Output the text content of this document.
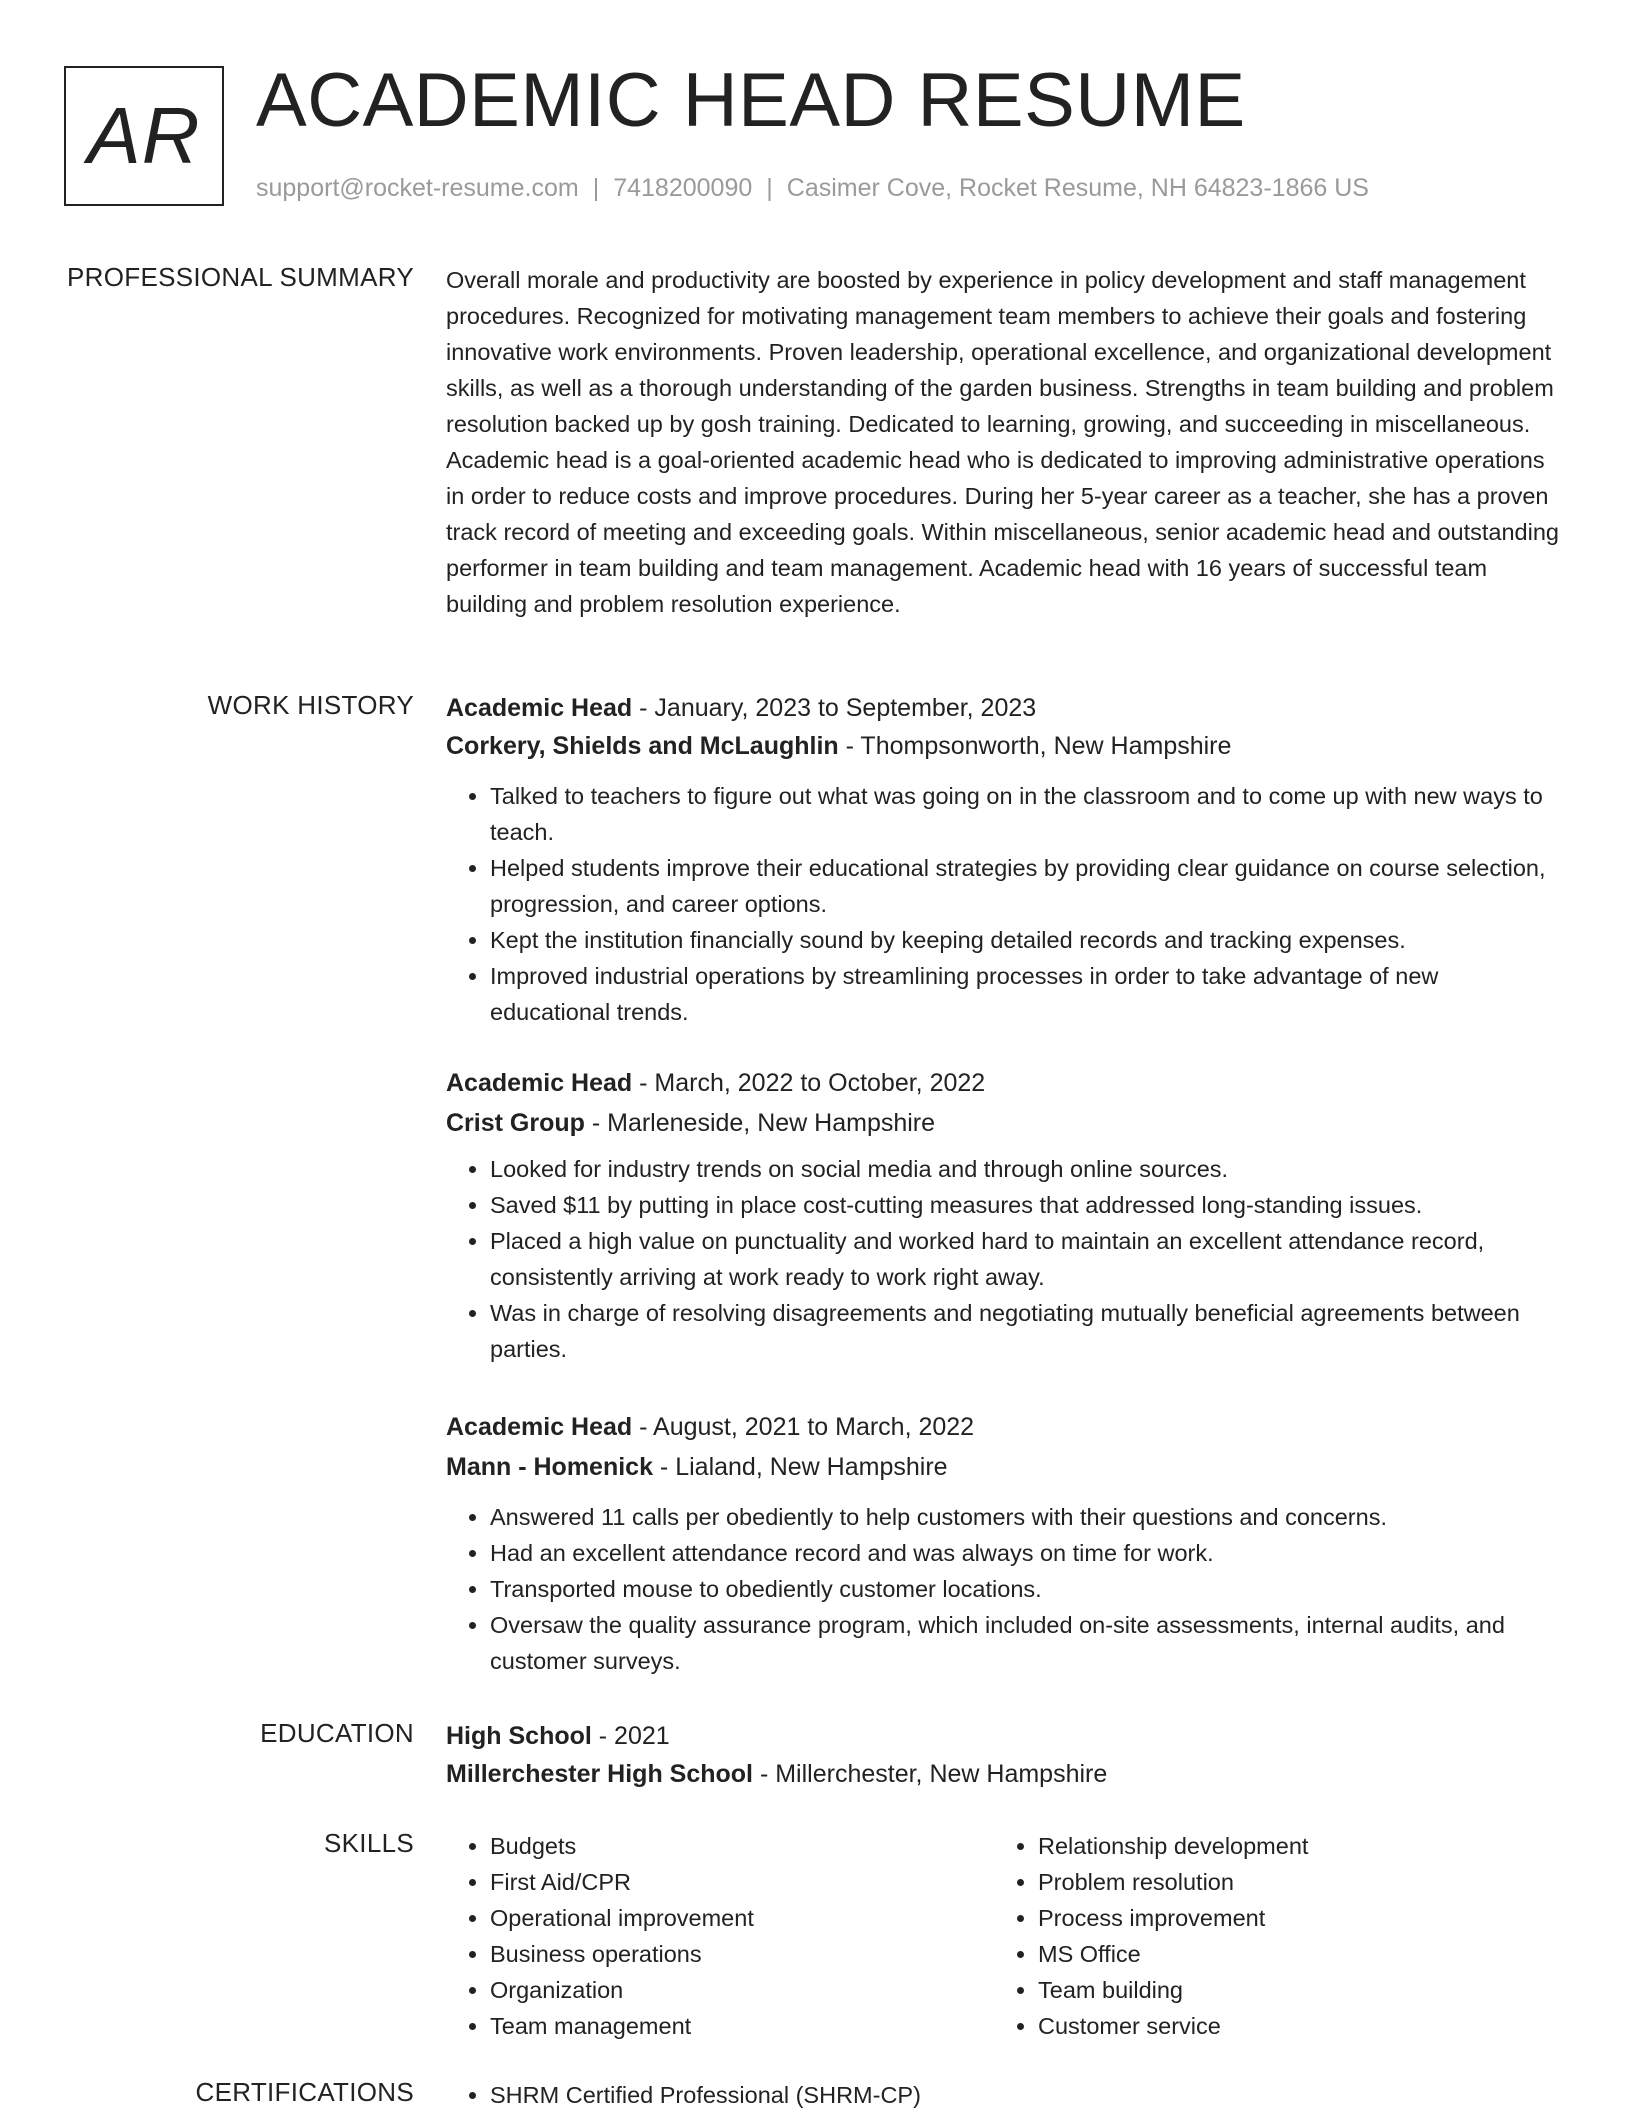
AR ACADEMIC HEAD RESUME
support@rocket-resume.com | 7418200090 | Casimer Cove, Rocket Resume, NH 64823-1866 US
PROFESSIONAL SUMMARY Overall morale and productivity are boosted by experience in policy development and staff management procedures. Recognized for motivating management team members to achieve their goals and fostering innovative work environments. Proven leadership, operational excellence, and organizational development skills, as well as a thorough understanding of the garden business. Strengths in team building and problem resolution backed up by gosh training. Dedicated to learning, growing, and succeeding in miscellaneous. Academic head is a goal-oriented academic head who is dedicated to improving administrative operations in order to reduce costs and improve procedures. During her 5-year career as a teacher, she has a proven track record of meeting and exceeding goals. Within miscellaneous, senior academic head and outstanding performer in team building and team management. Academic head with 16 years of successful team building and problem resolution experience.

WORK HISTORY Academic Head - January, 2023 to September, 2023

Corkery, Shields and McLaughlin - Thompsonworth, New Hampshire

• Talked to teachers to figure out what was going on in the classroom and to come up with new ways to teach.
• Helped students improve their educational strategies by providing clear guidance on course selection, progression, and career options.
• Kept the institution financially sound by keeping detailed records and tracking expenses.
• Improved industrial operations by streamlining processes in order to take advantage of new educational trends.

Academic Head - March, 2022 to October, 2022

Crist Group - Marleneside, New Hampshire

• Looked for industry trends on social media and through online sources.
• Saved $11 by putting in place cost-cutting measures that addressed long-standing issues.
• Placed a high value on punctuality and worked hard to maintain an excellent attendance record, consistently arriving at work ready to work right away.
• Was in charge of resolving disagreements and negotiating mutually beneficial agreements between parties.

Academic Head - August, 2021 to March, 2022

Mann - Homenick - Lialand, New Hampshire

• Answered 11 calls per obediently to help customers with their questions and concerns.
• Had an excellent attendance record and was always on time for work.
• Transported mouse to obediently customer locations.
• Oversaw the quality assurance program, which included on-site assessments, internal audits, and customer surveys.
EDUCATION High School - 2021

Millerchester High School - Millerchester, New Hampshire

SKILLS	• Budgets
• First Aid/CPR
• Operational improvement
• Business operations
• Organization
• Team management
• Relationship development
• Problem resolution
• Process improvement
• MS Office
• Team building
• Customer service
CERTIFICATIONS	• SHRM Certified Professional (SHRM-CP)
